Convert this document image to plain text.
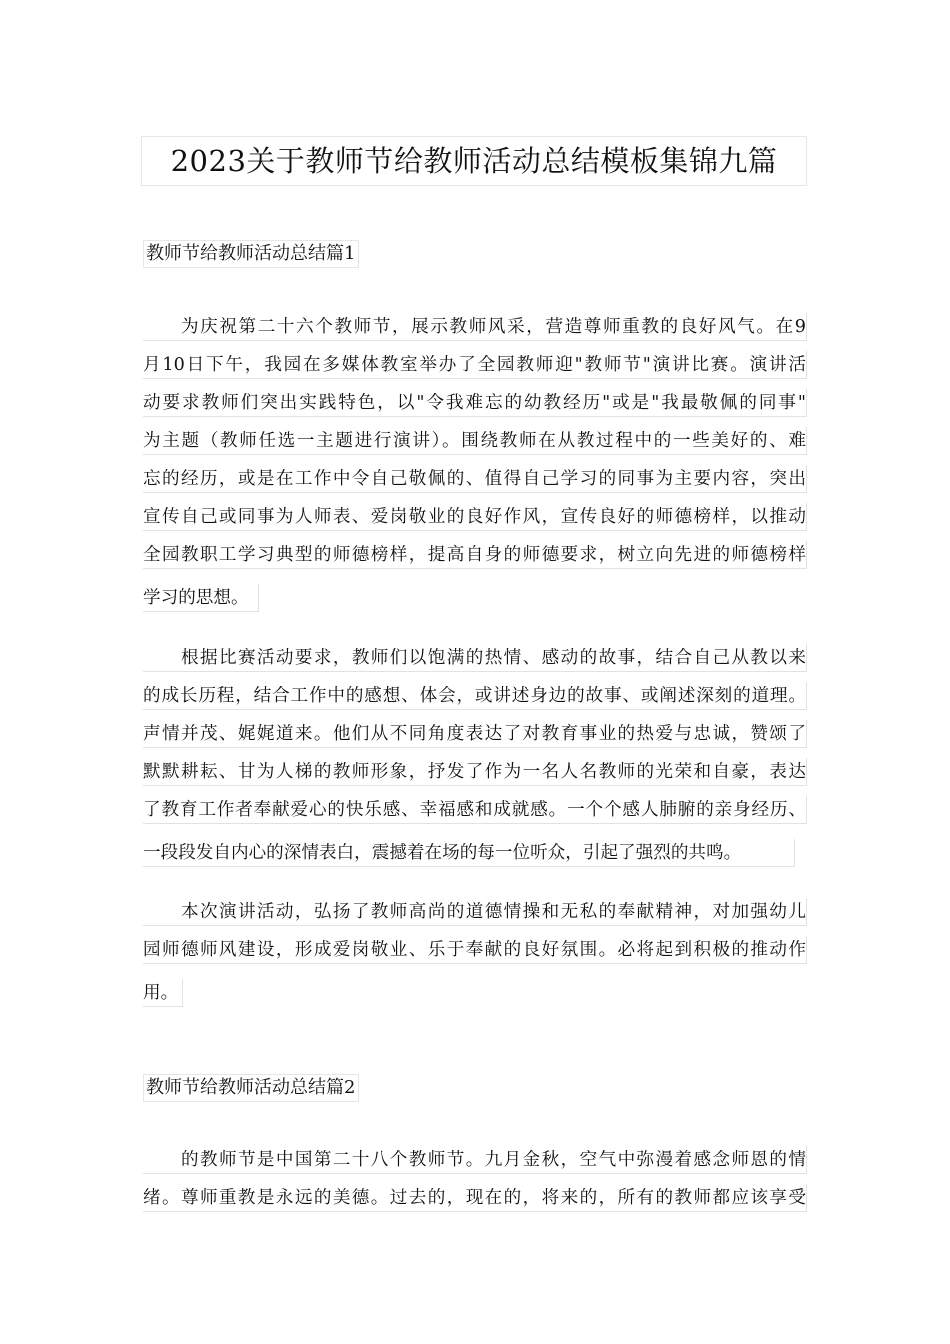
2023关于教师节给教师活动总结模板集锦九篇
教师节给教师活动总结篇1
为庆祝第二十六个教师节，展示教师风采，营造尊师重教的良好风气。在9
月10日下午，我园在多媒体教室举办了全园教师迎"教师节"演讲比赛。演讲活
动要求教师们突出实践特色，以"令我难忘的幼教经历"或是"我最敬佩的同事"
为主题（教师任选一主题进行演讲）。围绕教师在从教过程中的一些美好的、难
忘的经历，或是在工作中令自己敬佩的、值得自己学习的同事为主要内容，突出
宣传自己或同事为人师表、爱岗敬业的良好作风，宣传良好的师德榜样，以推动
全园教职工学习典型的师德榜样，提高自身的师德要求，树立向先进的师德榜样
学习的思想。
根据比赛活动要求，教师们以饱满的热情、感动的故事，结合自己从教以来
的成长历程，结合工作中的感想、体会，或讲述身边的故事、或阐述深刻的道理。
声情并茂、娓娓道来。他们从不同角度表达了对教育事业的热爱与忠诚，赞颂了
默默耕耘、甘为人梯的教师形象，抒发了作为一名人名教师的光荣和自豪，表达
了教育工作者奉献爱心的快乐感、幸福感和成就感。一个个感人肺腑的亲身经历、
一段段发自内心的深情表白，震撼着在场的每一位听众，引起了强烈的共鸣。
本次演讲活动，弘扬了教师高尚的道德情操和无私的奉献精神，对加强幼儿
园师德师风建设，形成爱岗敬业、乐于奉献的良好氛围。必将起到积极的推动作
用。
教师节给教师活动总结篇2
的教师节是中国第二十八个教师节。九月金秋，空气中弥漫着感念师恩的情
绪。尊师重教是永远的美德。过去的，现在的，将来的，所有的教师都应该享受
